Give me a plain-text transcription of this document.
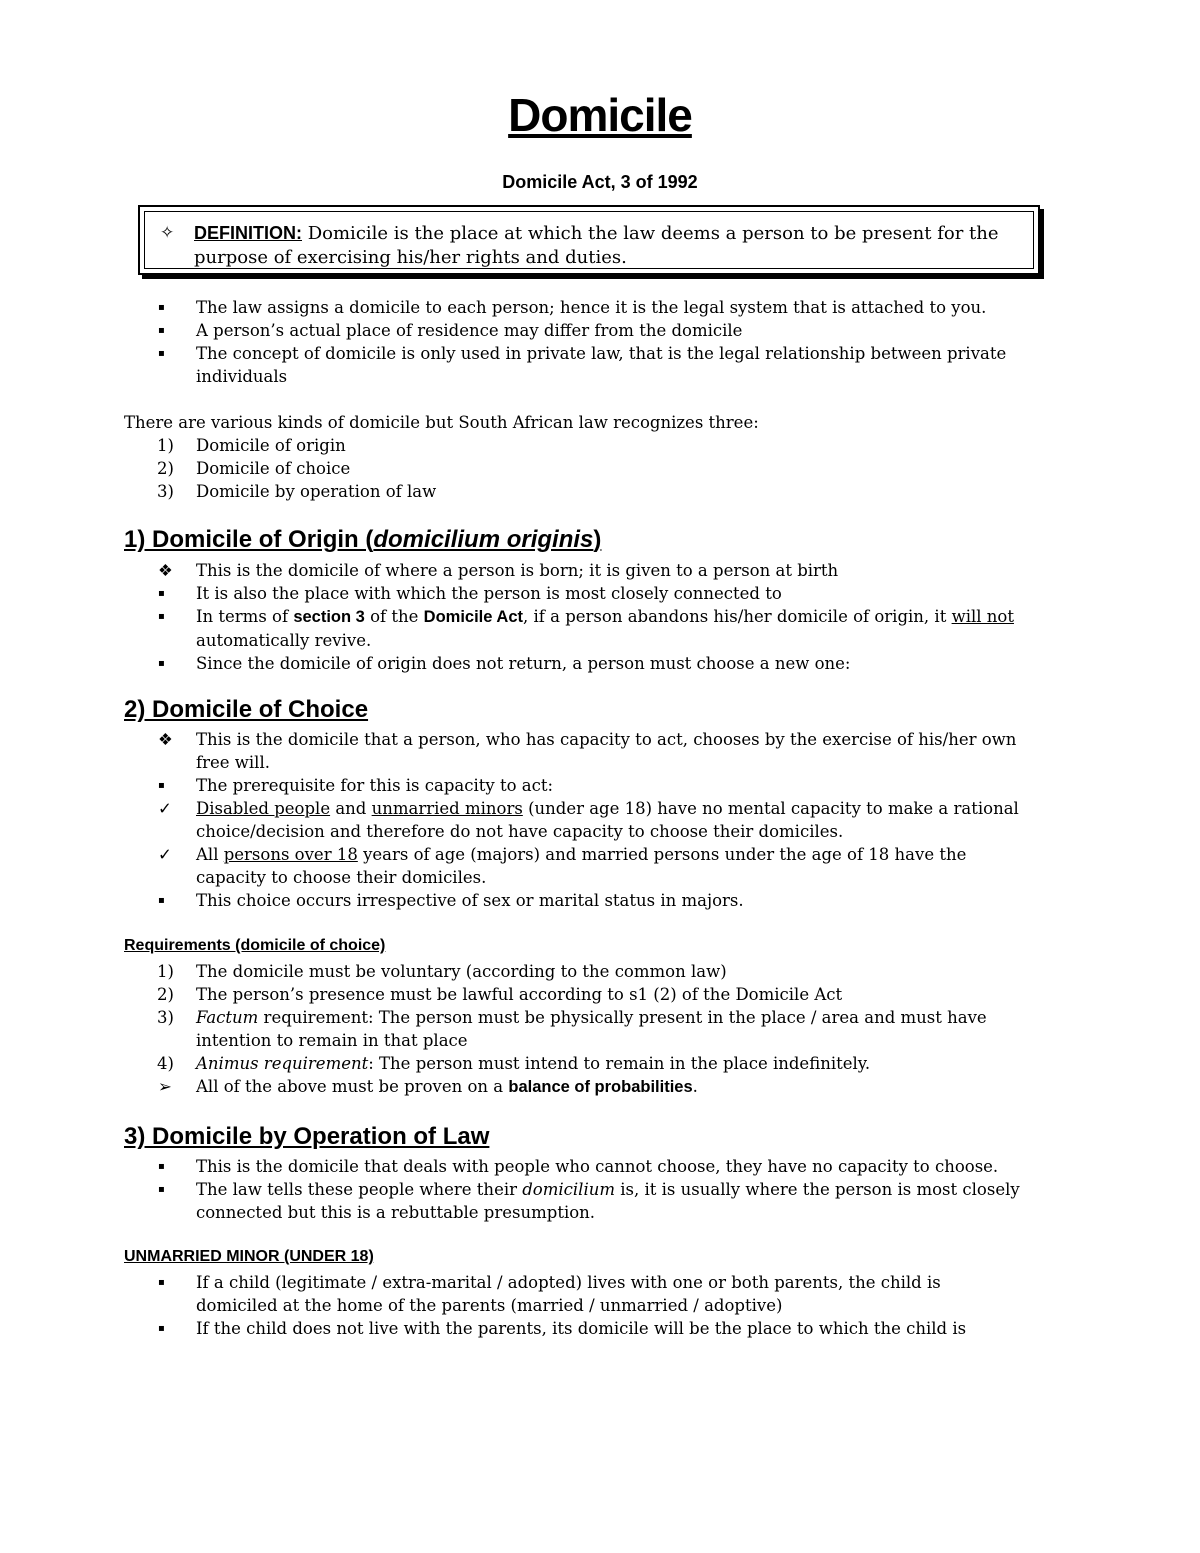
Domicile
Domicile Act, 3 of 1992
✧ DEFINITION: Domicile is the place at which the law deems a person to be present for the purpose of exercising his/her rights and duties.
▪	The law assigns a domicile to each person; hence it is the legal system that is attached to you.
▪	A person’s actual place of residence may differ from the domicile
▪	The concept of domicile is only used in private law, that is the legal relationship between private individuals
There are various kinds of domicile but South African law recognizes three:
1)	Domicile of origin
2)	Domicile of choice
3)	Domicile by operation of law
1) Domicile of Origin (domicilium originis)
❖	This is the domicile of where a person is born; it is given to a person at birth
▪	It is also the place with which the person is most closely connected to
▪	In terms of section 3 of the Domicile Act, if a person abandons his/her domicile of origin, it will not automatically revive.
▪	Since the domicile of origin does not return, a person must choose a new one:
2) Domicile of Choice
❖	This is the domicile that a person, who has capacity to act, chooses by the exercise of his/her own free will.
▪	The prerequisite for this is capacity to act:
✓	Disabled people and unmarried minors (under age 18) have no mental capacity to make a rational choice/decision and therefore do not have capacity to choose their domiciles.
✓	All persons over 18 years of age (majors) and married persons under the age of 18 have the capacity to choose their domiciles.
▪	This choice occurs irrespective of sex or marital status in majors.
Requirements (domicile of choice)
1)	The domicile must be voluntary (according to the common law)
2)	The person’s presence must be lawful according to s1 (2) of the Domicile Act
3)	Factum requirement: The person must be physically present in the place / area and must have intention to remain in that place
4)	Animus requirement: The person must intend to remain in the place indefinitely.
➢	All of the above must be proven on a balance of probabilities.
3) Domicile by Operation of Law
▪	This is the domicile that deals with people who cannot choose, they have no capacity to choose.
▪	The law tells these people where their domicilium is, it is usually where the person is most closely connected but this is a rebuttable presumption.
UNMARRIED MINOR (UNDER 18)
▪	If a child (legitimate / extra-marital / adopted) lives with one or both parents, the child is domiciled at the home of the parents (married / unmarried / adoptive)
▪	If the child does not live with the parents, its domicile will be the place to which the child is
